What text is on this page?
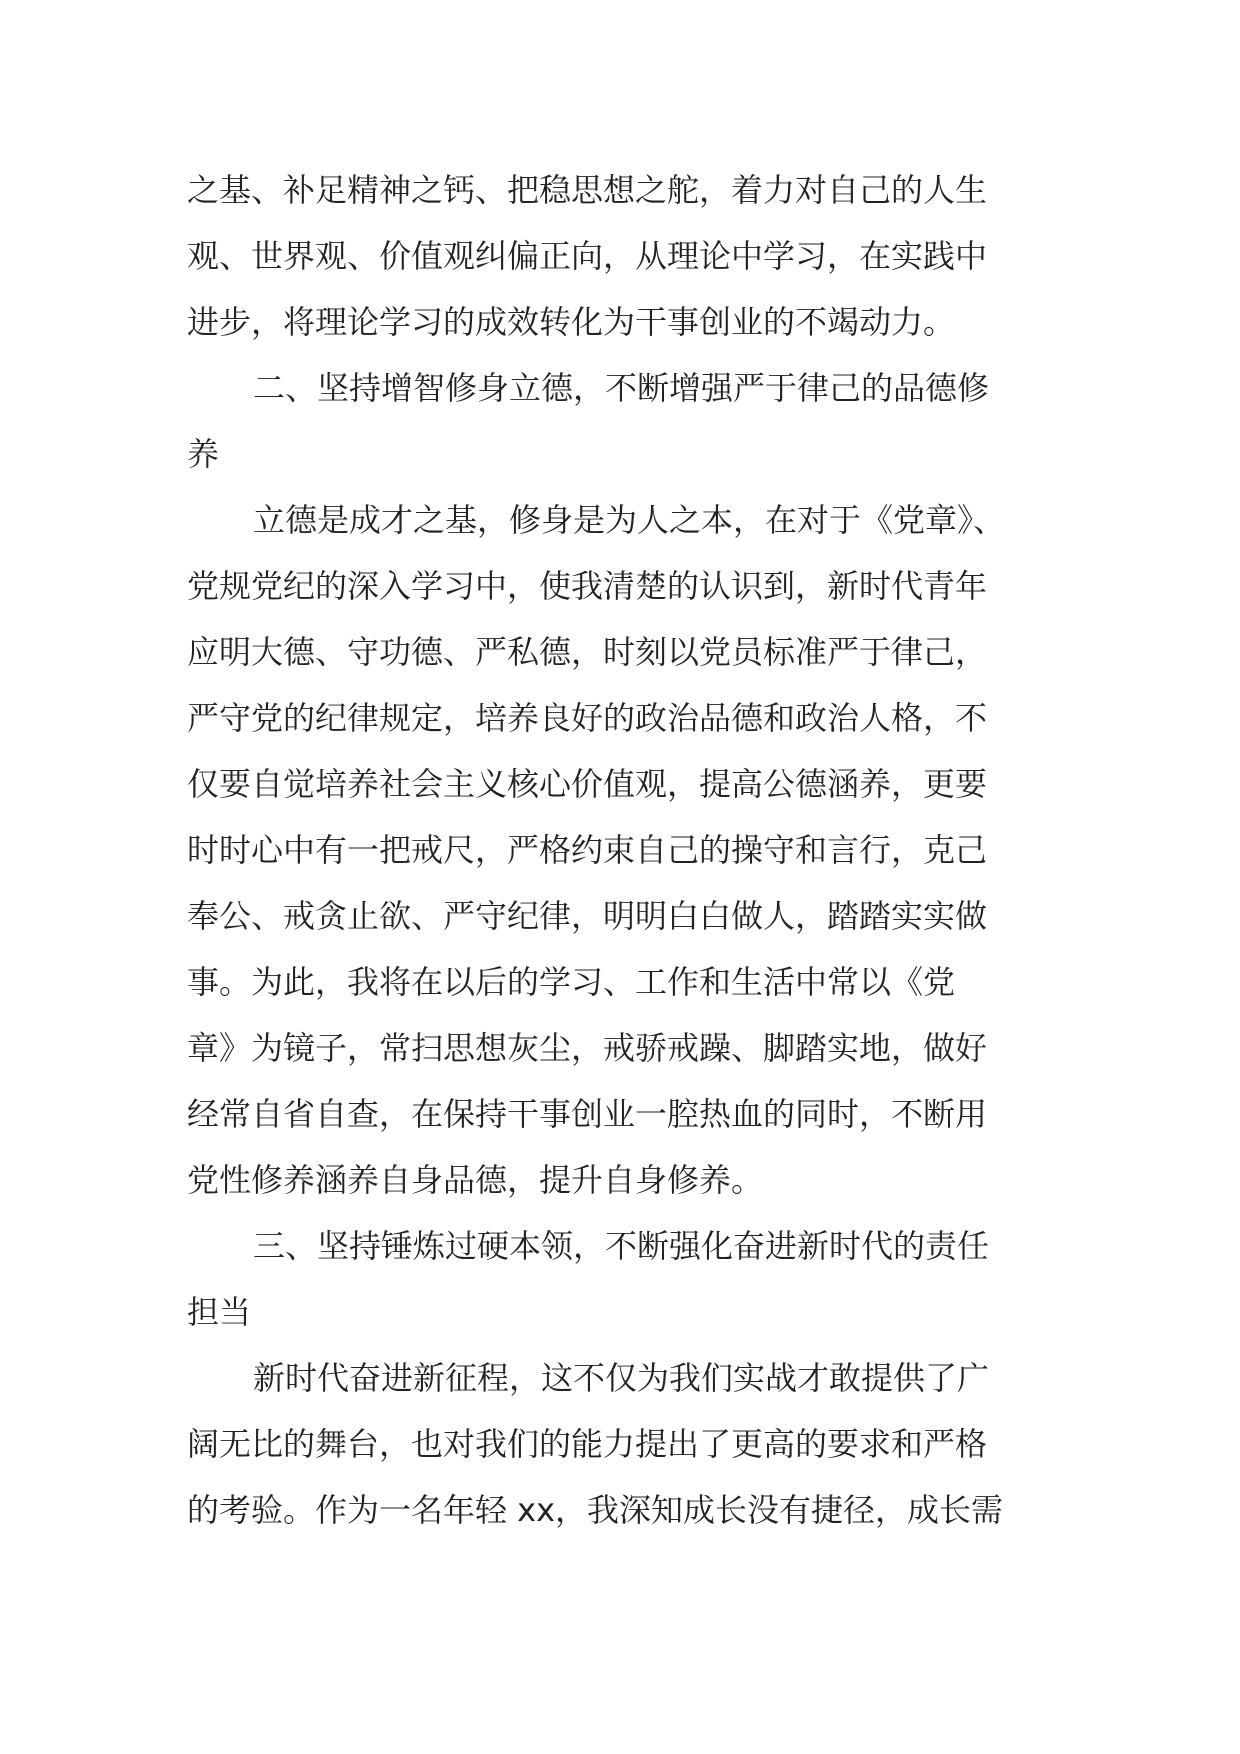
之基、补足精神之钙、把稳思想之舵，着力对自己的人生
观、世界观、价值观纠偏正向，从理论中学习，在实践中
进步，将理论学习的成效转化为干事创业的不竭动力。
二、坚持增智修身立德，不断增强严于律己的品德修
养
立德是成才之基，修身是为人之本，在对于《党章》、
党规党纪的深入学习中，使我清楚的认识到，新时代青年
应明大德、守功德、严私德，时刻以党员标准严于律己，
严守党的纪律规定，培养良好的政治品德和政治人格，不
仅要自觉培养社会主义核心价值观，提高公德涵养，更要
时时心中有一把戒尺，严格约束自己的操守和言行，克己
奉公、戒贪止欲、严守纪律，明明白白做人，踏踏实实做
事。为此，我将在以后的学习、工作和生活中常以《党
章》为镜子，常扫思想灰尘，戒骄戒躁、脚踏实地，做好
经常自省自查，在保持干事创业一腔热血的同时，不断用
党性修养涵养自身品德，提升自身修养。
三、坚持锤炼过硬本领，不断强化奋进新时代的责任
担当
新时代奋进新征程，这不仅为我们实战才敢提供了广
阔无比的舞台，也对我们的能力提出了更高的要求和严格
的考验。作为一名年轻 xx，我深知成长没有捷径，成长需
